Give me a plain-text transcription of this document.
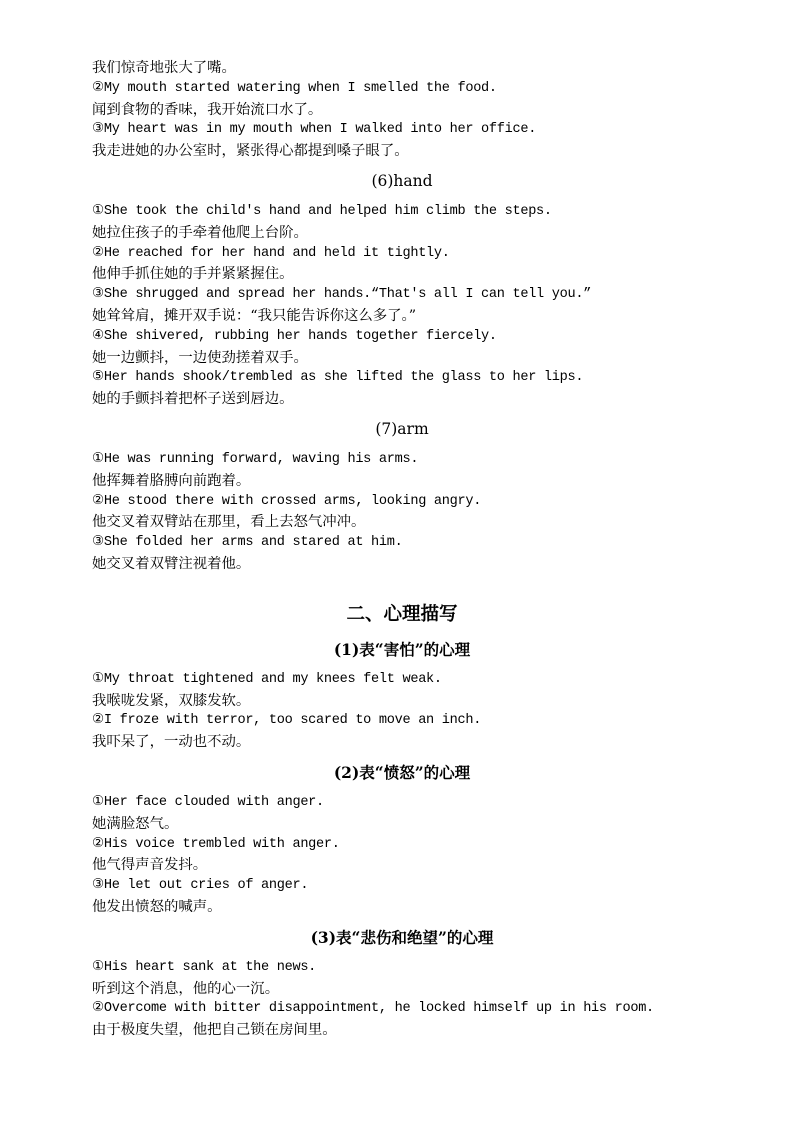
我们惊奇地张大了嘴。
②My mouth started watering when I smelled the food.
闻到食物的香味，我开始流口水了。
③My heart was in my mouth when I walked into her office.
我走进她的办公室时，紧张得心都提到嗓子眼了。
(6)hand
①She took the child's hand and helped him climb the steps.
她拉住孩子的手牵着他爬上台阶。
②He reached for her hand and held it tightly.
他伸手抓住她的手并紧紧握住。
③She shrugged and spread her hands.“That's all I can tell you.”
她耸耸肩，摊开双手说：“我只能告诉你这么多了。”
④She shivered, rubbing her hands together fiercely.
她一边颤抖，一边使劲搓着双手。
⑤Her hands shook/trembled as she lifted the glass to her lips.
她的手颤抖着把杯子送到唇边。
(7)arm
①He was running forward, waving his arms.
他挥舞着胳膊向前跑着。
②He stood there with crossed arms, looking angry.
他交叉着双臂站在那里，看上去怒气冲冲。
③She folded her arms and stared at him.
她交叉着双臂注视着他。
二、心理描写
(1)表“害怕”的心理
①My throat tightened and my knees felt weak.
我喉咙发紧，双膝发软。
②I froze with terror, too scared to move an inch.
我吓呆了，一动也不动。
(2)表“愤怒”的心理
①Her face clouded with anger.
她满脸怒气。
②His voice trembled with anger.
他气得声音发抖。
③He let out cries of anger.
他发出愤怒的喊声。
(3)表“悲伤和绝望”的心理
①His heart sank at the news.
听到这个消息，他的心一沉。
②Overcome with bitter disappointment, he locked himself up in his room.
由于极度失望，他把自己锁在房间里。
